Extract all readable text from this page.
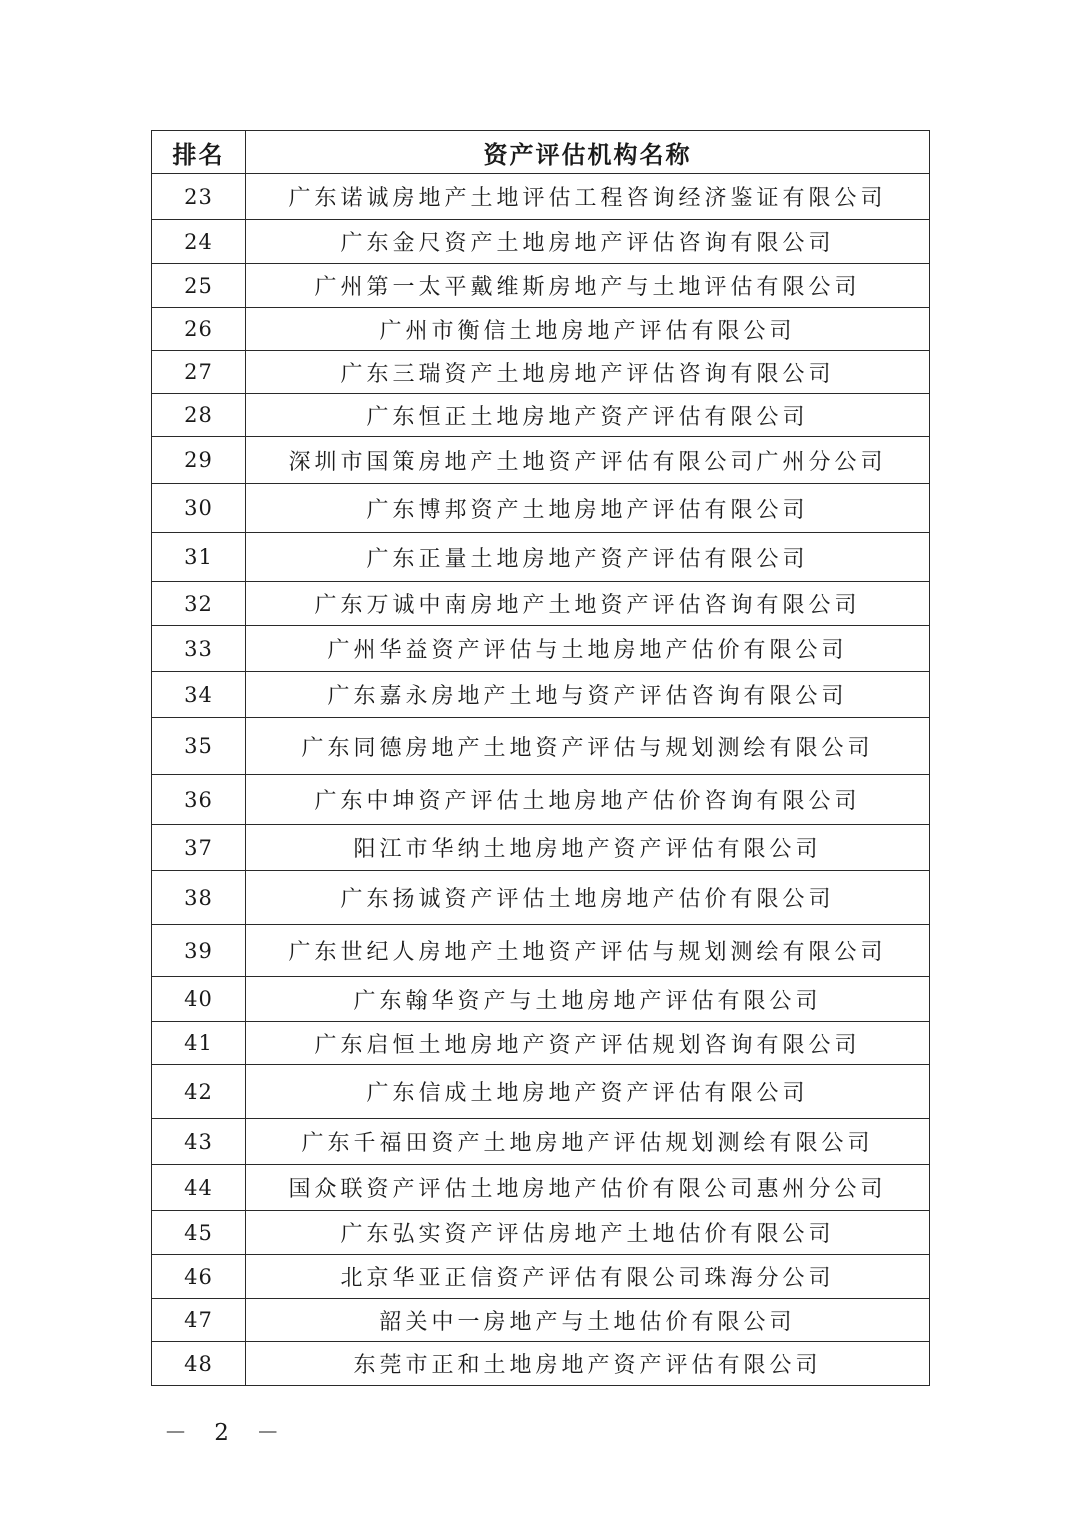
排名	资产评估机构名称
23	广东诺诚房地产土地评估工程咨询经济鉴证有限公司
24	广东金尺资产土地房地产评估咨询有限公司
25	广州第一太平戴维斯房地产与土地评估有限公司
26	广州市衡信土地房地产评估有限公司
27	广东三瑞资产土地房地产评估咨询有限公司
28	广东恒正土地房地产资产评估有限公司
29	深圳市国策房地产土地资产评估有限公司广州分公司
30	广东博邦资产土地房地产评估有限公司
31	广东正量土地房地产资产评估有限公司
32	广东万诚中南房地产土地资产评估咨询有限公司
33	广州华益资产评估与土地房地产估价有限公司
34	广东嘉永房地产土地与资产评估咨询有限公司
35	广东同德房地产土地资产评估与规划测绘有限公司
36	广东中坤资产评估土地房地产估价咨询有限公司
37	阳江市华纳土地房地产资产评估有限公司
38	广东扬诚资产评估土地房地产估价有限公司
39	广东世纪人房地产土地资产评估与规划测绘有限公司
40	广东翰华资产与土地房地产评估有限公司
41	广东启恒土地房地产资产评估规划咨询有限公司
42	广东信成土地房地产资产评估有限公司
43	广东千福田资产土地房地产评估规划测绘有限公司
44	国众联资产评估土地房地产估价有限公司惠州分公司
45	广东弘实资产评估房地产土地估价有限公司
46	北京华亚正信资产评估有限公司珠海分公司
47	韶关中一房地产与土地估价有限公司
48	东莞市正和土地房地产资产评估有限公司
－ 2 －
